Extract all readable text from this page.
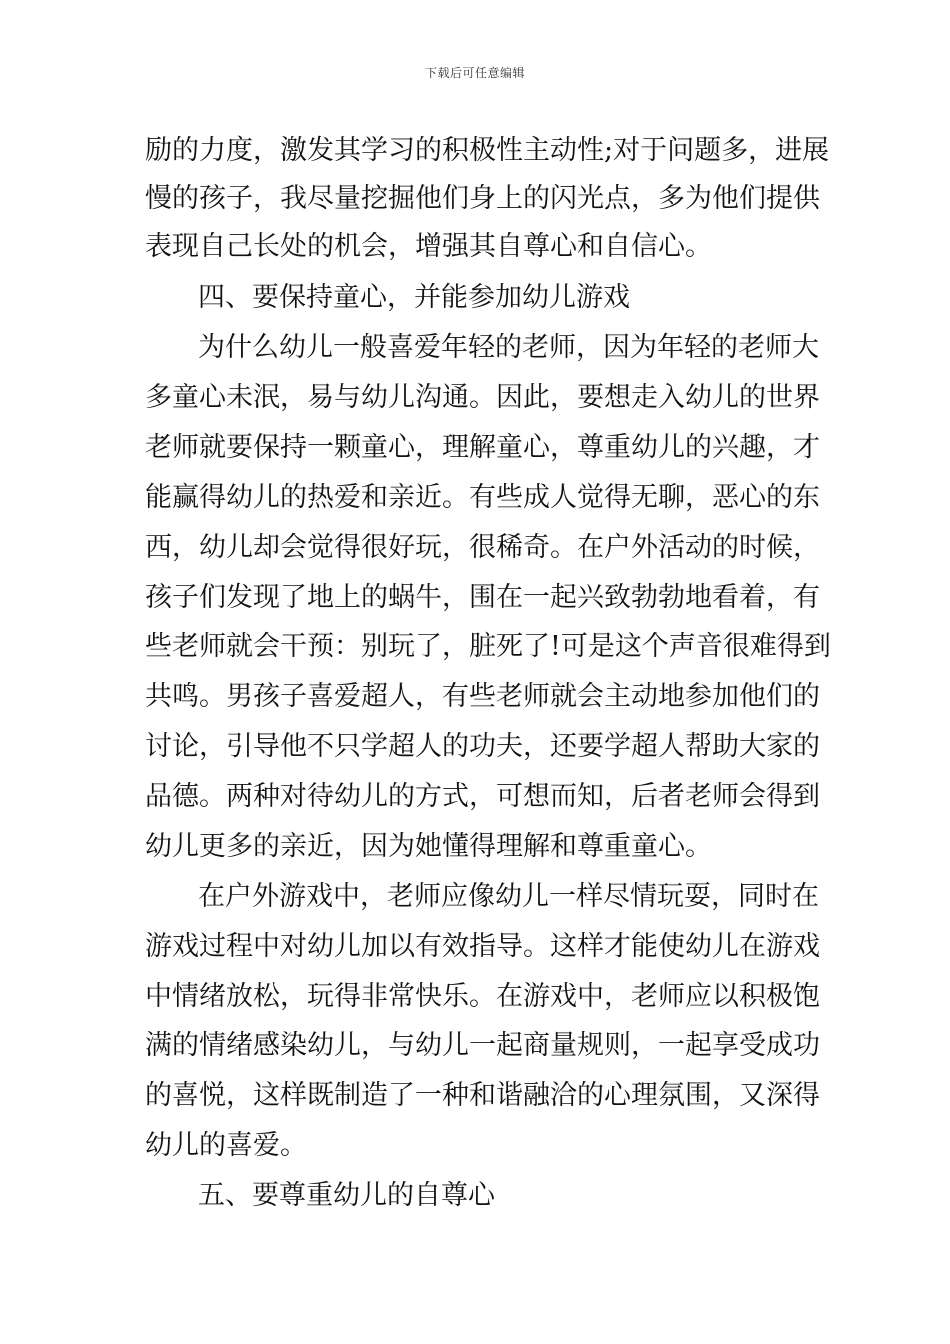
下载后可任意编辑
励的力度，激发其学习的积极性主动性;对于问题多，进展
慢的孩子，我尽量挖掘他们身上的闪光点，多为他们提供
表现自己长处的机会，增强其自尊心和自信心。
四、要保持童心，并能参加幼儿游戏
为什么幼儿一般喜爱年轻的老师，因为年轻的老师大
多童心未泯，易与幼儿沟通。因此，要想走入幼儿的世界
老师就要保持一颗童心，理解童心，尊重幼儿的兴趣，才
能赢得幼儿的热爱和亲近。有些成人觉得无聊，恶心的东
西，幼儿却会觉得很好玩，很稀奇。在户外活动的时候，
孩子们发现了地上的蜗牛，围在一起兴致勃勃地看着，有
些老师就会干预：别玩了，脏死了!可是这个声音很难得到
共鸣。男孩子喜爱超人，有些老师就会主动地参加他们的
讨论，引导他不只学超人的功夫，还要学超人帮助大家的
品德。两种对待幼儿的方式，可想而知，后者老师会得到
幼儿更多的亲近，因为她懂得理解和尊重童心。
在户外游戏中，老师应像幼儿一样尽情玩耍，同时在
游戏过程中对幼儿加以有效指导。这样才能使幼儿在游戏
中情绪放松，玩得非常快乐。在游戏中，老师应以积极饱
满的情绪感染幼儿，与幼儿一起商量规则，一起享受成功
的喜悦，这样既制造了一种和谐融洽的心理氛围，又深得
幼儿的喜爱。
五、要尊重幼儿的自尊心
